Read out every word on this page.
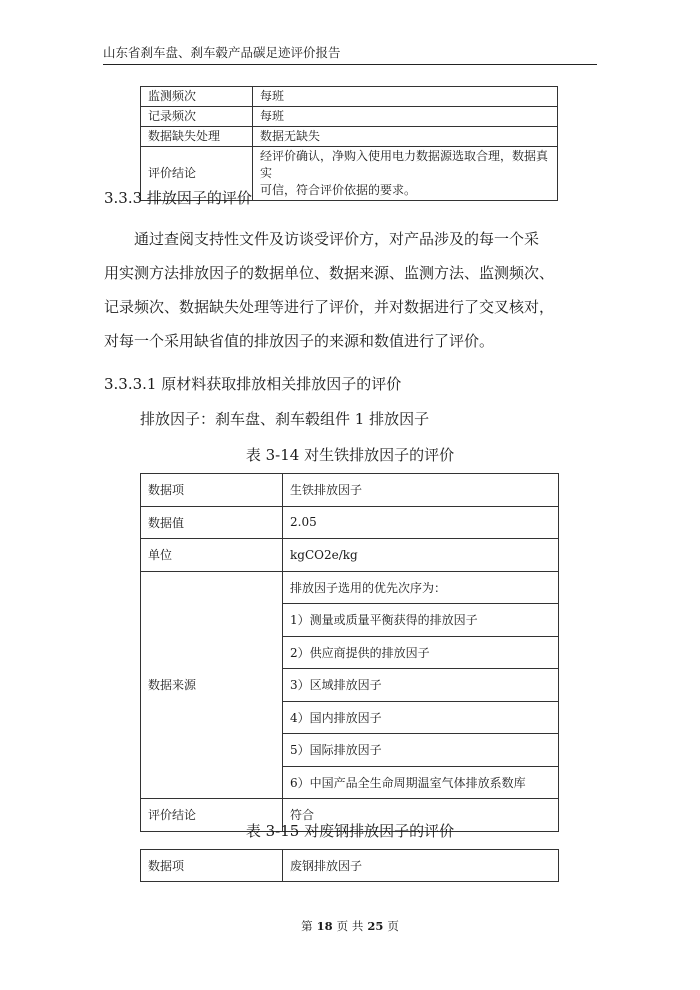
山东省刹车盘、刹车毂产品碳足迹评价报告
监测频次	每班
记录频次	每班
数据缺失处理	数据无缺失
评价结论	经评价确认，净购入使用电力数据源选取合理，数据真实
可信，符合评价依据的要求。
3.3.3 排放因子的评价
通过查阅支持性文件及访谈受评价方，对产品涉及的每一个采
用实测方法排放因子的数据单位、数据来源、监测方法、监测频次、
记录频次、数据缺失处理等进行了评价，并对数据进行了交叉核对，
对每一个采用缺省值的排放因子的来源和数值进行了评价。
3.3.3.1 原材料获取排放相关排放因子的评价
排放因子：刹车盘、刹车毂组件 1 排放因子
表 3-14 对生铁排放因子的评价
数据项	生铁排放因子
数据值	2.05
单位	kgCO2e/kg
数据来源	排放因子选用的优先次序为：
	1）测量或质量平衡获得的排放因子
	2）供应商提供的排放因子
	3）区域排放因子
	4）国内排放因子
	5）国际排放因子
	6）中国产品全生命周期温室气体排放系数库
评价结论	符合
表 3-15 对废钢排放因子的评价
数据项	废钢排放因子
第 18 页 共 25 页
